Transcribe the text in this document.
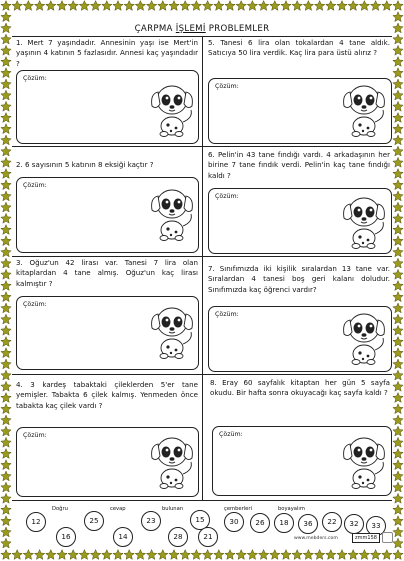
ÇARPMA İŞLEMİ PROBLEMLER
1. Mert 7 yaşındadır. Annesinin yaşı ise Mert'in yaşının 4 katının 5 fazlasıdır. Annesi kaç yaşındadır ?
Çözüm:
2. 6 sayısının 5 katının 8 eksiği kaçtır ?
Çözüm:
3. Oğuz'un 42 lirası var. Tanesi 7 lira olan kitaplardan 4 tane almış. Oğuz'un kaç lirası kalmıştır ?
Çözüm:
4. 3 kardeş tabaktaki çileklerden 5'er tane yemişler. Tabakta 6 çilek kalmış. Yenmeden önce tabakta kaç çilek vardı ?
Çözüm:
5. Tanesi 6 lira olan tokalardan 4 tane aldık. Satıcıya 50 lira verdik. Kaç lira para üstü alırız ?
Çözüm:
6. Pelin'in 43 tane fındığı vardı. 4 arkadaşının her birine 7 tane fındık verdi. Pelin'in kaç tane fındığı kaldı ?
Çözüm:
7. Sınıfımızda iki kişilik sıralardan 13 tane var. Sıralardan 4 tanesi boş geri kalanı doludur. Sınıfımızda kaç öğrenci vardır?
Çözüm:
8. Eray 60 sayfalık kitaptan her gün 5 sayfa okudu. Bir hafta sonra okuyacağı kaç sayfa kaldı ?
Çözüm:
Doğru	cevap	bulunan	çemberleri	boyayalım
12
16
25
14
23
28
15
21
30	26	18	36	22	33
www.mebders.com	zmm158
32
